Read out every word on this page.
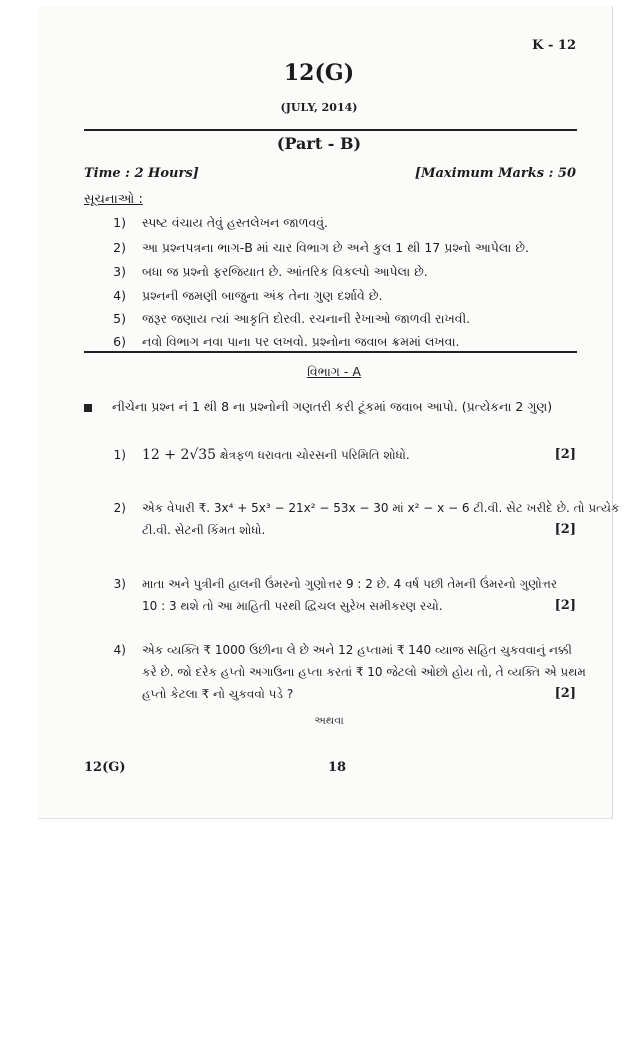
K - 12
12(G)
(JULY, 2014)
(Part - B)
Time : 2 Hours]	[Maximum Marks : 50
સૂચનાઓ :
1) સ્પષ્ટ વંચાય તેવું હસ્તલેખન જાળવવું.
2) આ પ્રશ્નપત્રના ભાગ-B માં ચાર વિભાગ છે અને કુલ 1 થી 17 પ્રશ્નો આપેલા છે.
3) બધા જ પ્રશ્નો ફરજિયાત છે. આંતરિક વિકલ્પો આપેલા છે.
4) પ્રશ્નની જમણી બાજુના અંક તેના ગુણ દર્શાવે છે.
5) જરૂર જણાય ત્યાં આકૃતિ દોરવી. રચનાની રેખાઓ જાળવી રાખવી.
6) નવો વિભાગ નવા પાના પર લખવો. પ્રશ્નોના જવાબ ક્રમમાં લખવા.
વિભાગ - A
નીચેના પ્રશ્ન નં 1 થી 8 ના પ્રશ્નોની ગણતરી કરી ટૂંકમાં જવાબ આપો. (પ્રત્યેકના 2 ગુણ)
1) 12 + 2√35 ક્ષેત્રફળ ધરાવતા ચોરસની પરિમિતિ શોધો.	[2]
2) એક વેપારી ₹. 3x⁴ + 5x³ − 21x² − 53x − 30 માં x² − x − 6 ટી.વી. સેટ ખરીદે છે. તો પ્રત્યેક
ટી.વી. સેટની કિંમત શોધો.	[2]
3) માતા અને પુત્રીની હાલની ઉંમરનો ગુણોત્તર 9 : 2 છે. 4 વર્ષ પછી તેમની ઉંમરનો ગુણોત્તર
10 : 3 થશે તો આ માહિતી પરથી દ્વિચલ સુરેખ સમીકરણ રચો.	[2]
4) એક વ્યક્તિ ₹ 1000 ઉછીના લે છે અને 12 હપ્તામાં ₹ 140 વ્યાજ સહિત ચુકવવાનું નક્કી
કરે છે. જો દરેક હપ્તો અગાઉના હપ્તા કરતાં ₹ 10 જેટલો ઓછો હોય તો, તે વ્યક્તિ એ પ્રથમ
હપ્તો કેટલા ₹ નો ચુકવવો પડે ?	[2]
અથવા
12(G)	18
